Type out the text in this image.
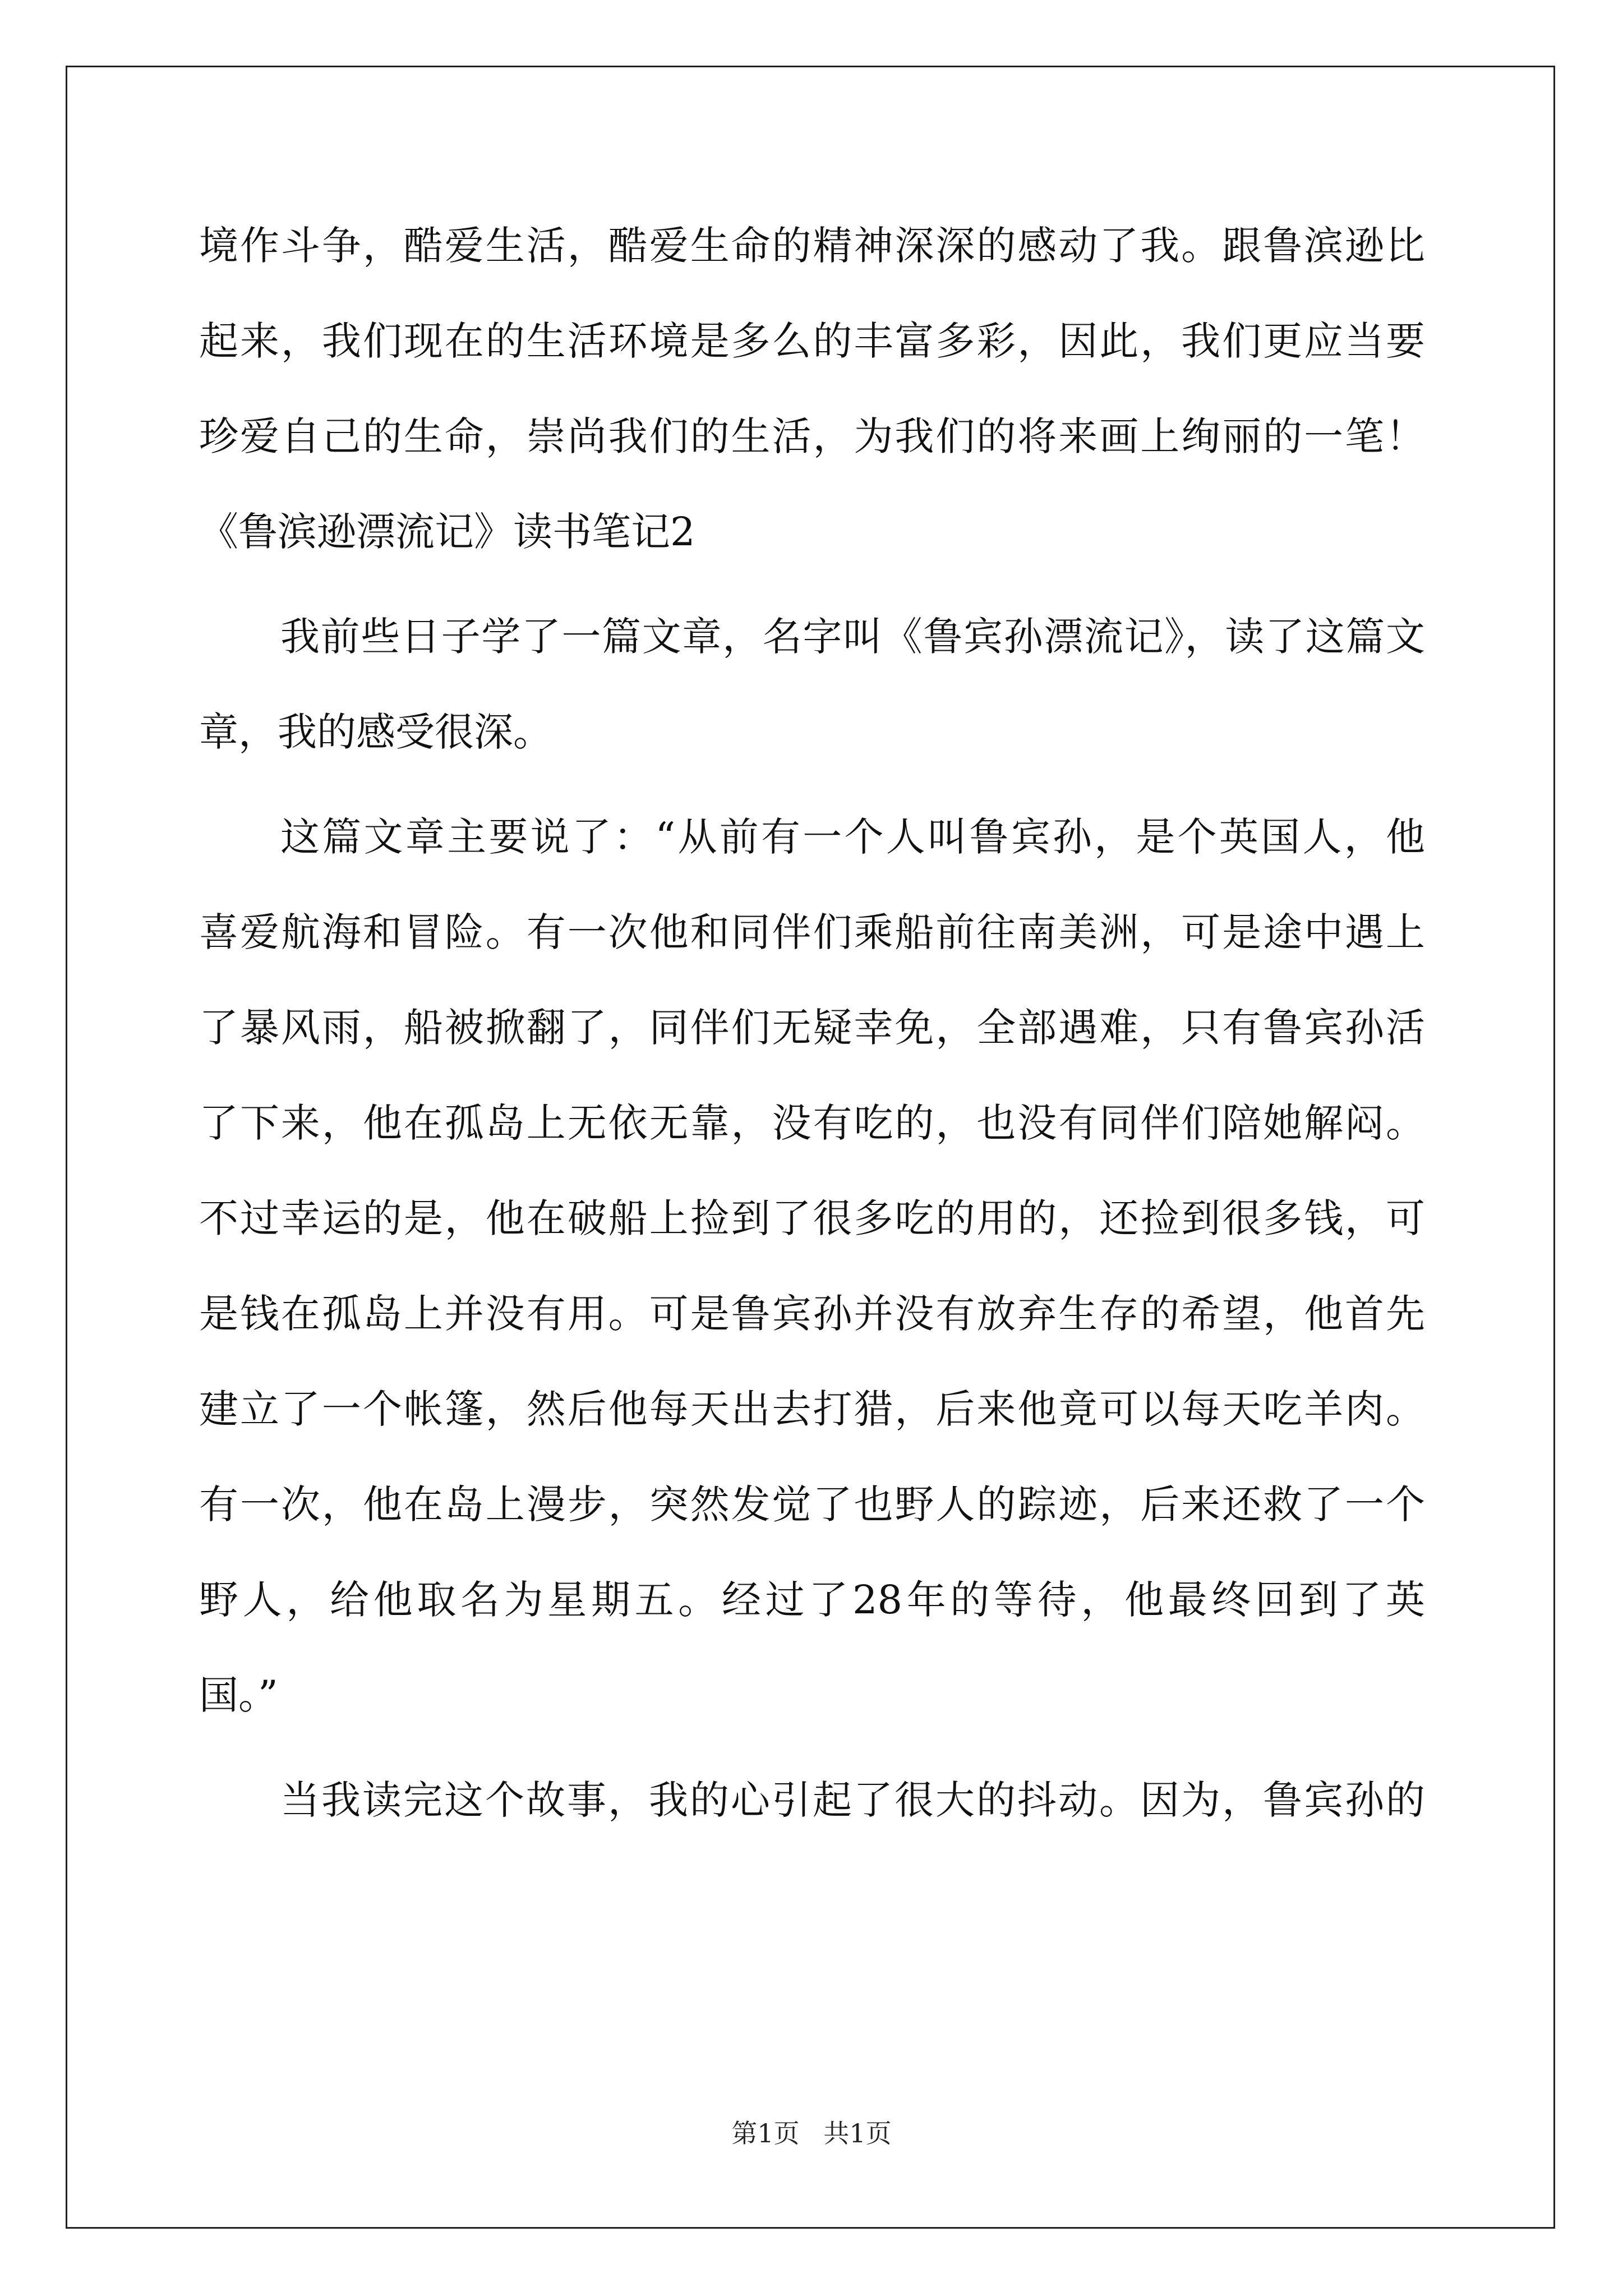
境作斗争，酷爱生活，酷爱生命的精神深深的感动了我。跟鲁滨逊比
起来，我们现在的生活环境是多么的丰富多彩，因此，我们更应当要
珍爱自己的生命，崇尚我们的生活，为我们的将来画上绚丽的一笔！
《鲁滨逊漂流记》读书笔记2
我前些日子学了一篇文章，名字叫《鲁宾孙漂流记》，读了这篇文
章，我的感受很深。
这篇文章主要说了：“从前有一个人叫鲁宾孙，是个英国人，他
喜爱航海和冒险。有一次他和同伴们乘船前往南美洲，可是途中遇上
了暴风雨，船被掀翻了，同伴们无疑幸免，全部遇难，只有鲁宾孙活
了下来，他在孤岛上无依无靠，没有吃的，也没有同伴们陪她解闷。
不过幸运的是，他在破船上捡到了很多吃的用的，还捡到很多钱，可
是钱在孤岛上并没有用。可是鲁宾孙并没有放弃生存的希望，他首先
建立了一个帐篷，然后他每天出去打猎，后来他竟可以每天吃羊肉。
有一次，他在岛上漫步，突然发觉了也野人的踪迹，后来还救了一个
野人，给他取名为星期五。经过了28年的等待，他最终回到了英
国。”
当我读完这个故事，我的心引起了很大的抖动。因为，鲁宾孙的
第1页 共1页
